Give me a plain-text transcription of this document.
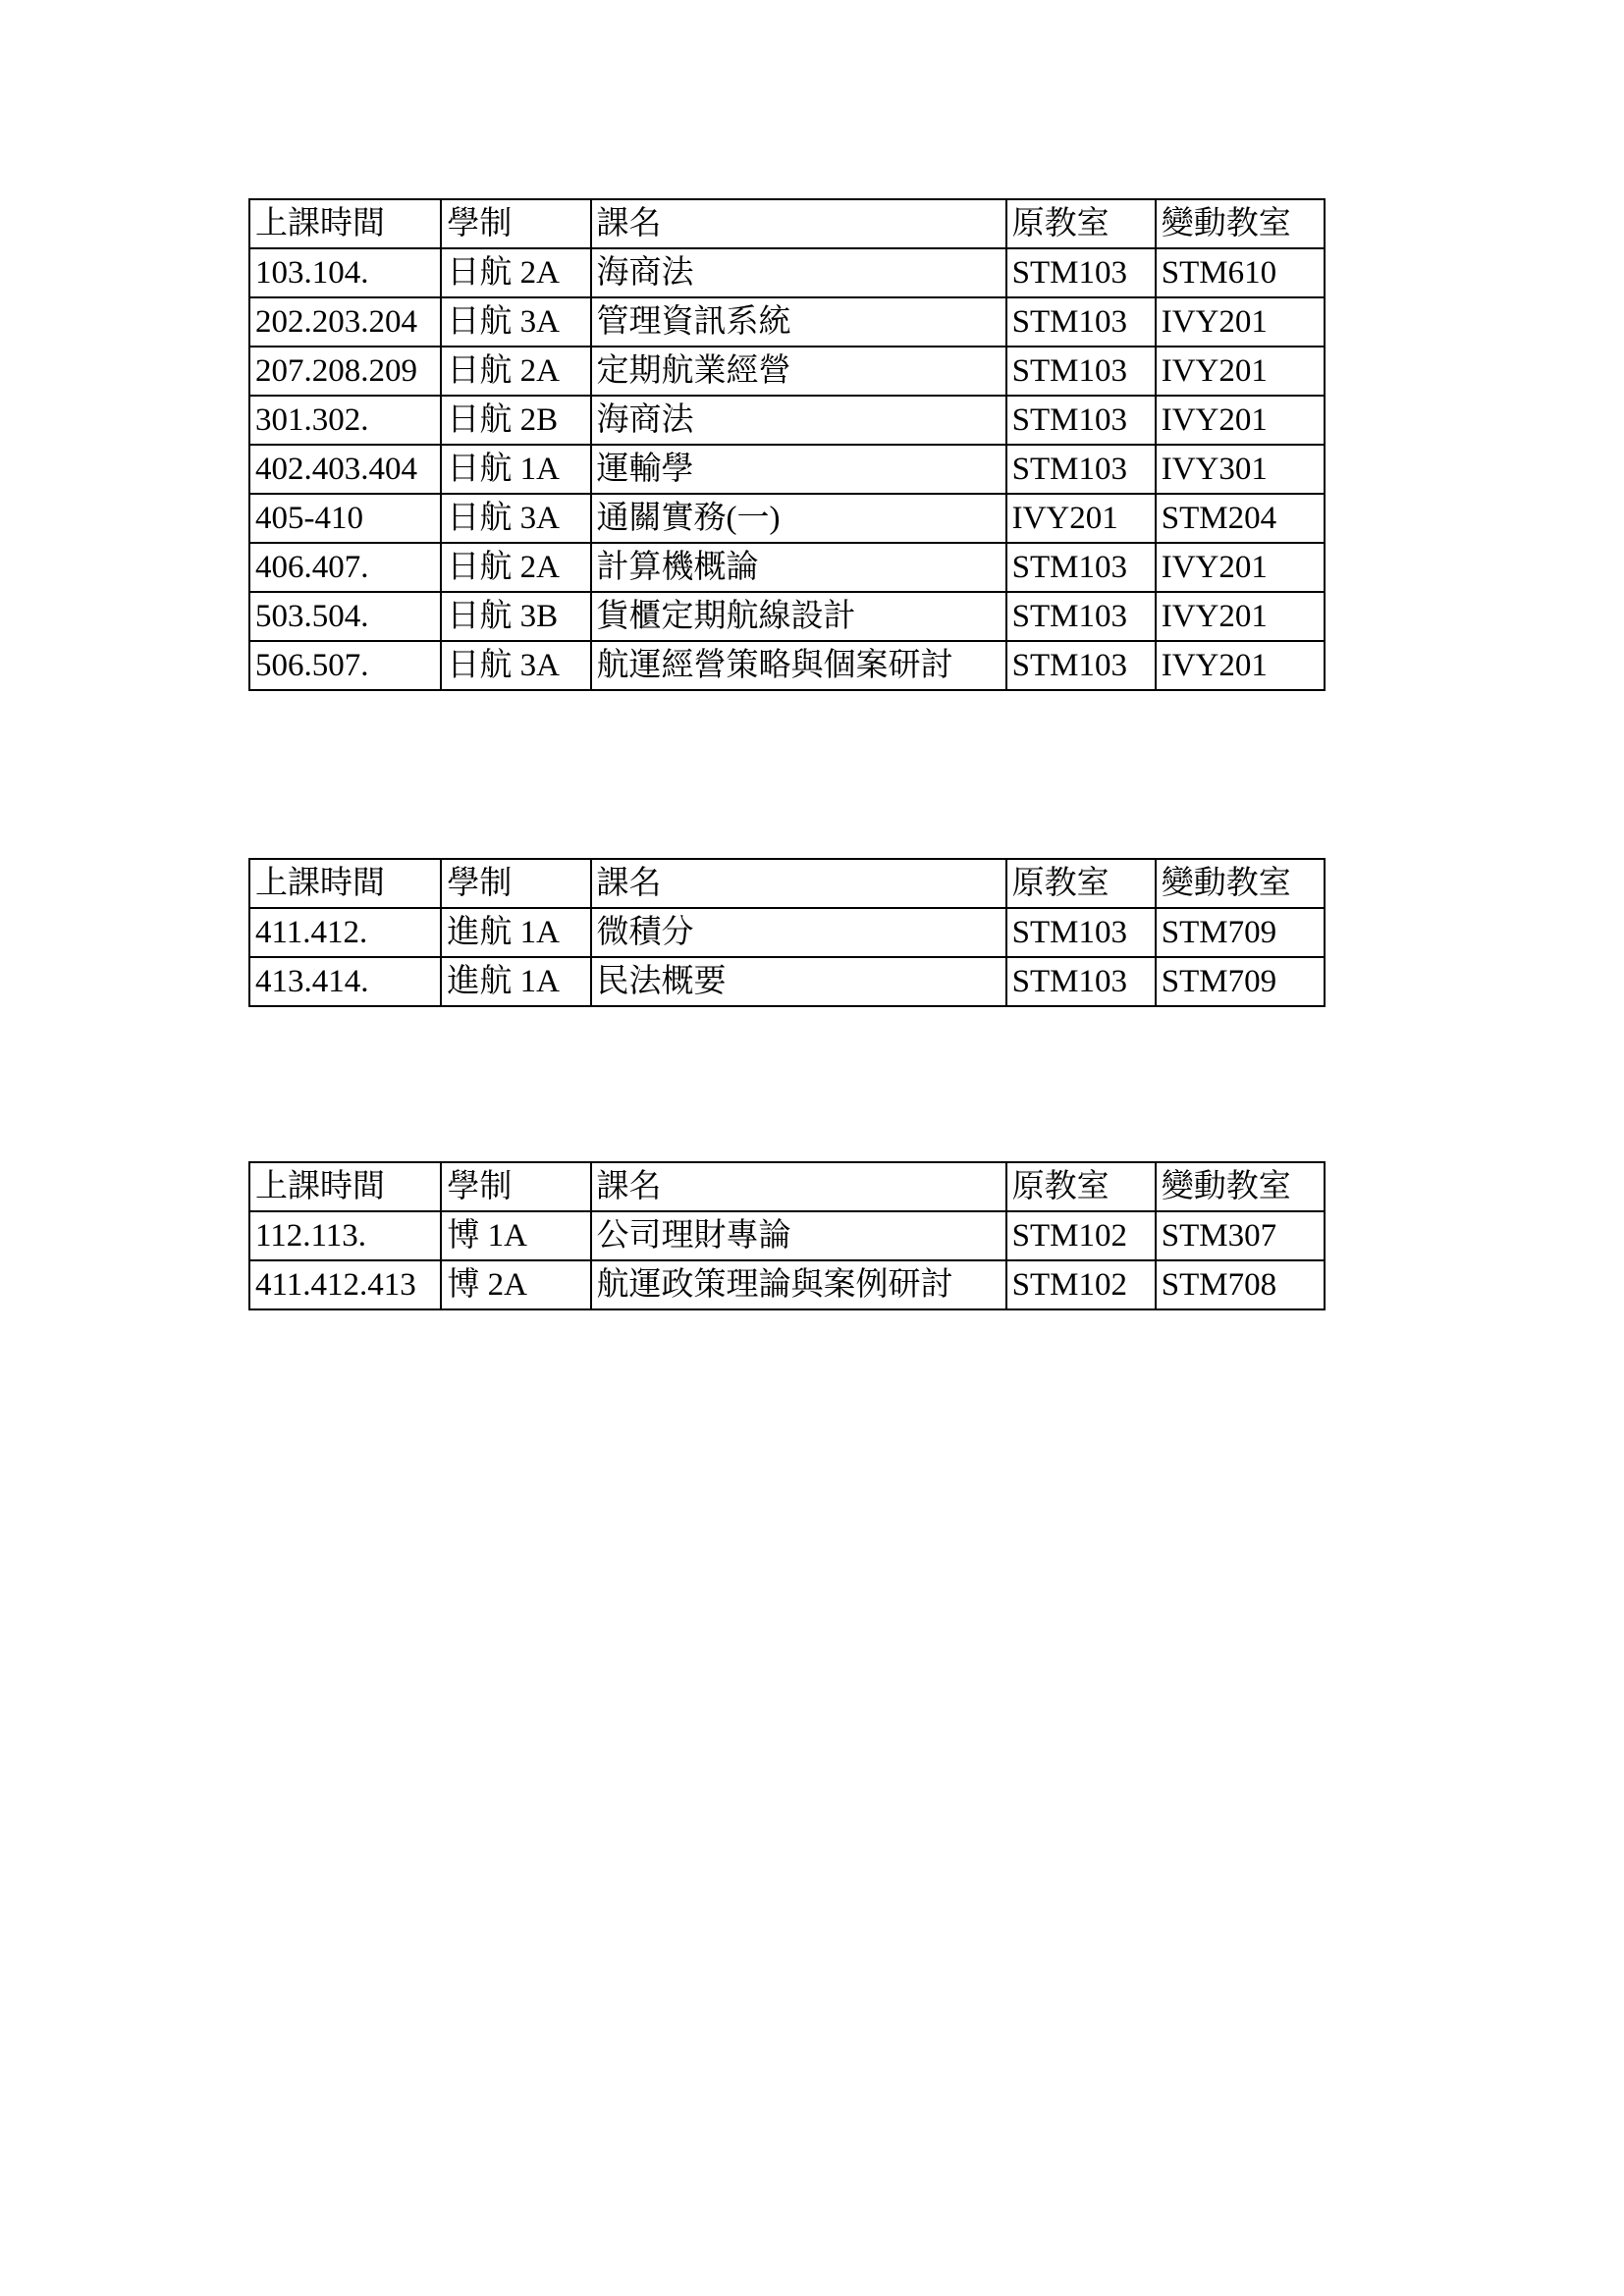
上課時間	學制	課名	原教室	變動教室
103.104.	日航 2A	海商法	STM103	STM610
202.203.204	日航 3A	管理資訊系統	STM103	IVY201
207.208.209	日航 2A	定期航業經營	STM103	IVY201
301.302.	日航 2B	海商法	STM103	IVY201
402.403.404	日航 1A	運輸學	STM103	IVY301
405-410	日航 3A	通關實務(一)	IVY201	STM204
406.407.	日航 2A	計算機概論	STM103	IVY201
503.504.	日航 3B	貨櫃定期航線設計	STM103	IVY201
506.507.	日航 3A	航運經營策略與個案研討	STM103	IVY201
上課時間	學制	課名	原教室	變動教室
411.412.	進航 1A	微積分	STM103	STM709
413.414.	進航 1A	民法概要	STM103	STM709
上課時間	學制	課名	原教室	變動教室
112.113.	博 1A	公司理財專論	STM102	STM307
411.412.413	博 2A	航運政策理論與案例研討	STM102	STM708
